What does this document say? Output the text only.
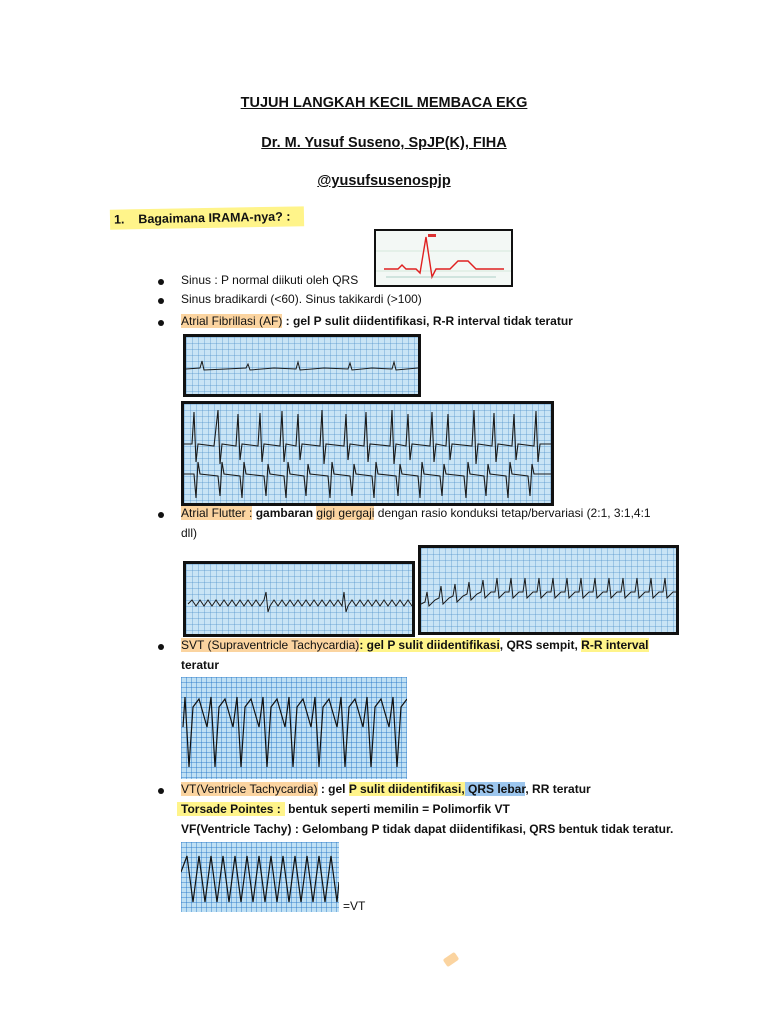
TUJUH LANGKAH KECIL MEMBACA EKG
Dr. M. Yusuf Suseno, SpJP(K), FIHA
@yusufsusenospjp
1. Bagaimana IRAMA-nya? :
Sinus : P normal diikuti oleh QRS
Sinus bradikardi (<60). Sinus takikardi (>100)
Atrial Fibrillasi (AF) : gel P sulit diidentifikasi, R-R interval tidak teratur
Atrial Flutter : gambaran gigi gergaji dengan rasio konduksi tetap/bervariasi (2:1, 3:1,4:1
dll)
SVT (Supraventricle Tachycardia): gel P sulit diidentifikasi, QRS sempit, R-R interval
teratur
VT(Ventricle Tachycardia) : gel P sulit diidentifikasi, QRS lebar, RR teratur
Torsade Pointes : bentuk seperti memilin = Polimorfik VT
VF(Ventricle Tachy) : Gelombang P tidak dapat diidentifikasi, QRS bentuk tidak teratur.
=VT
